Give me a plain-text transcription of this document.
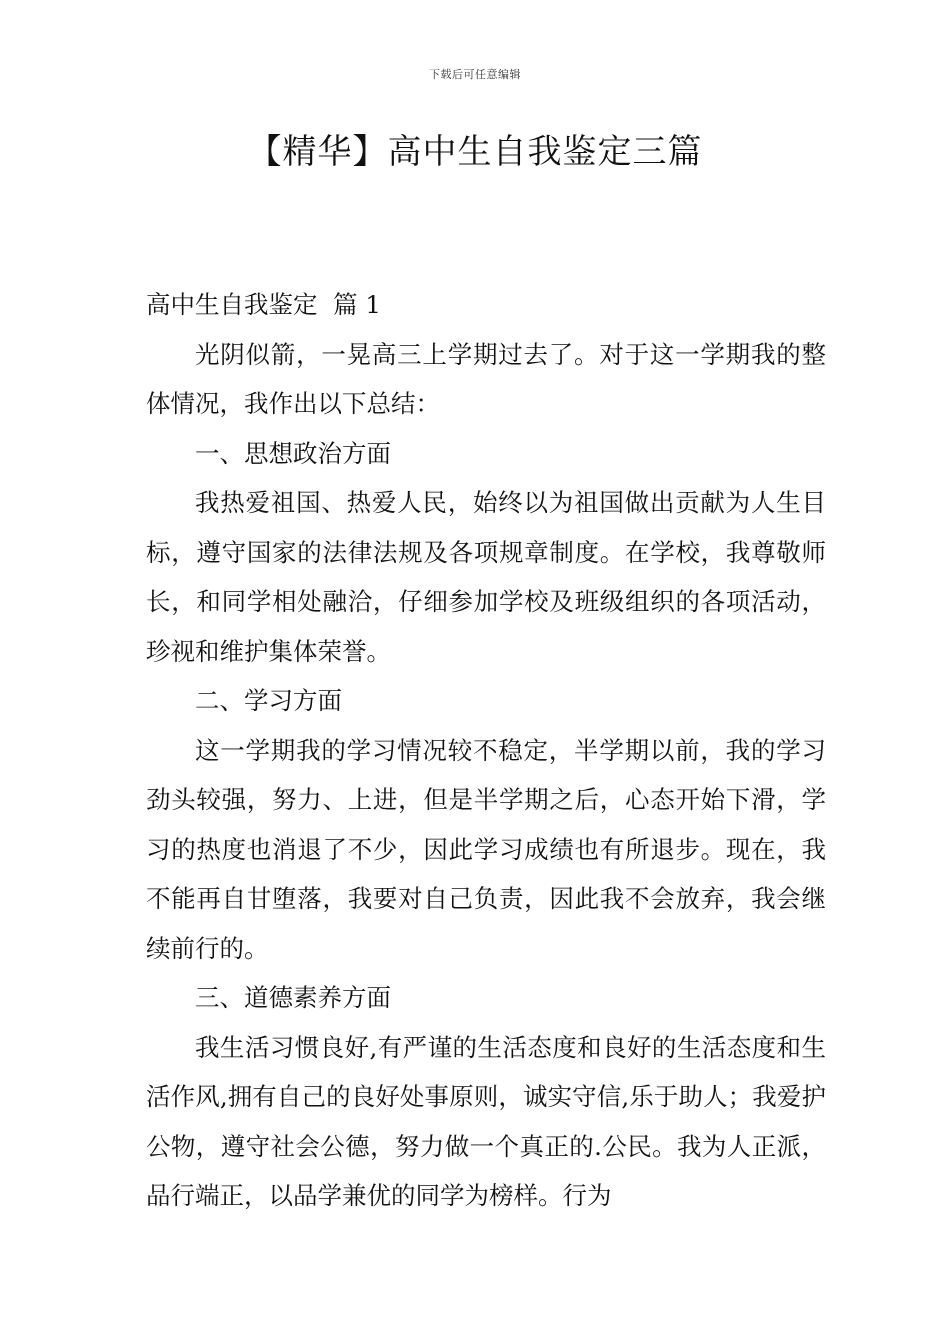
下载后可任意编辑
【精华】高中生自我鉴定三篇
高中生自我鉴定  篇 1

光阴似箭，一晃高三上学期过去了。对于这一学期我的整体情况，我作出以下总结：

一、思想政治方面

我热爱祖国、热爱人民，始终以为祖国做出贡献为人生目标，遵守国家的法律法规及各项规章制度。在学校，我尊敬师长，和同学相处融洽，仔细参加学校及班级组织的各项活动，珍视和维护集体荣誉。

二、学习方面

这一学期我的学习情况较不稳定，半学期以前，我的学习劲头较强，努力、上进，但是半学期之后，心态开始下滑，学习的热度也消退了不少，因此学习成绩也有所退步。现在，我不能再自甘堕落，我要对自己负责，因此我不会放弃，我会继续前行的。

三、道德素养方面

我生活习惯良好,有严谨的生活态度和良好的生活态度和生活作风,拥有自己的良好处事原则，诚实守信,乐于助人；我爱护公物，遵守社会公德，努力做一个真正的.公民。我为人正派，品行端正，以品学兼优的同学为榜样。行为
